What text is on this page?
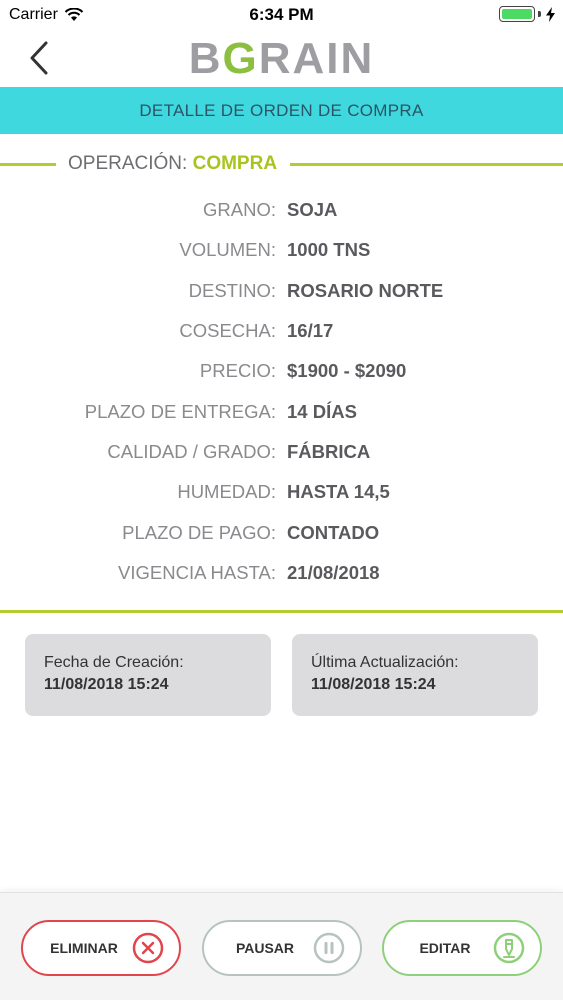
Carrier	6:34 PM
BGRAIN
DETALLE DE ORDEN DE COMPRA
OPERACIÓN: COMPRA
GRANO: SOJA
VOLUMEN: 1000 TNS
DESTINO: ROSARIO NORTE
COSECHA: 16/17
PRECIO: $1900 - $2090
PLAZO DE ENTREGA: 14 DÍAS
CALIDAD / GRADO: FÁBRICA
HUMEDAD: HASTA 14,5
PLAZO DE PAGO: CONTADO
VIGENCIA HASTA: 21/08/2018
Fecha de Creación:
11/08/2018 15:24
Última Actualización:
11/08/2018 15:24
ELIMINAR	PAUSAR	EDITAR
